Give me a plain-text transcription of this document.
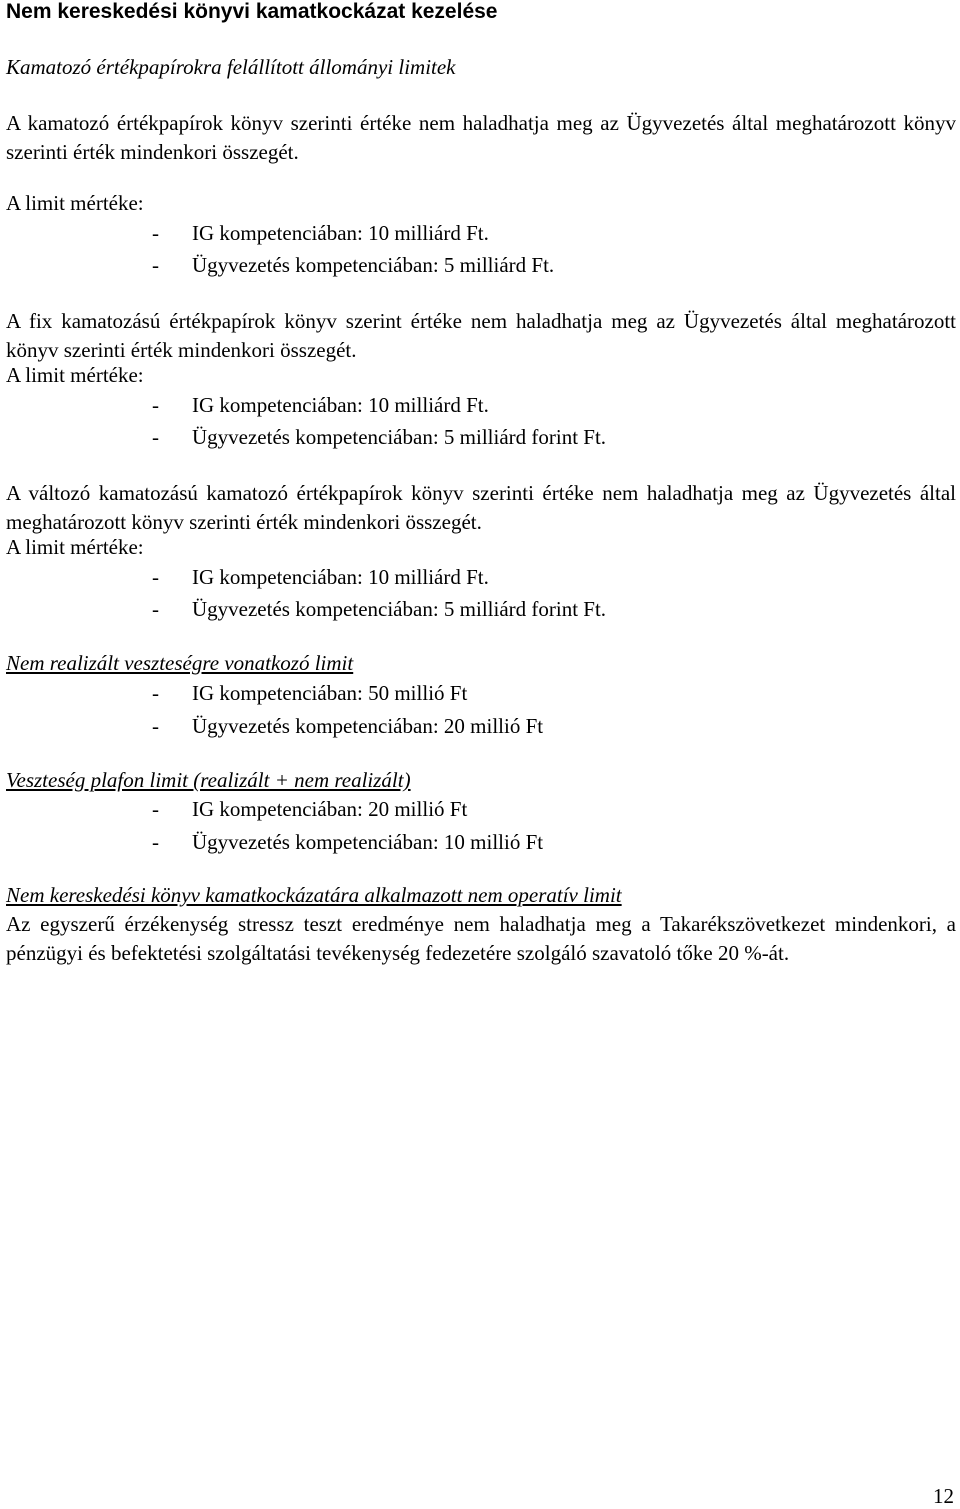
Nem kereskedési könyvi kamatkockázat kezelése
Kamatozó értékpapírokra felállított állományi limitek
A kamatozó értékpapírok könyv szerinti értéke nem haladhatja meg az Ügyvezetés által meghatározott könyv szerinti érték mindenkori összegét.
A limit mértéke:
- IG kompetenciában: 10 milliárd Ft.
- Ügyvezetés kompetenciában: 5 milliárd Ft.
A fix kamatozású értékpapírok könyv szerint értéke nem haladhatja meg az Ügyvezetés által meghatározott könyv szerinti érték mindenkori összegét.
A limit mértéke:
- IG kompetenciában: 10 milliárd Ft.
- Ügyvezetés kompetenciában: 5 milliárd forint Ft.
A változó kamatozású kamatozó értékpapírok könyv szerinti értéke nem haladhatja meg az Ügyvezetés által meghatározott könyv szerinti érték mindenkori összegét.
A limit mértéke:
- IG kompetenciában: 10 milliárd Ft.
- Ügyvezetés kompetenciában: 5 milliárd forint Ft.
Nem realizált veszteségre vonatkozó limit
- IG kompetenciában: 50 millió Ft
- Ügyvezetés kompetenciában: 20 millió Ft
Veszteség plafon limit (realizált + nem realizált)
- IG kompetenciában: 20 millió Ft
- Ügyvezetés kompetenciában: 10 millió Ft
Nem kereskedési könyv kamatkockázatára alkalmazott nem operatív limit
Az egyszerű érzékenység stressz teszt eredménye nem haladhatja meg a Takarékszövetkezet mindenkori, a pénzügyi és befektetési szolgáltatási tevékenység fedezetére szolgáló szavatoló tőke 20 %-át.
12
